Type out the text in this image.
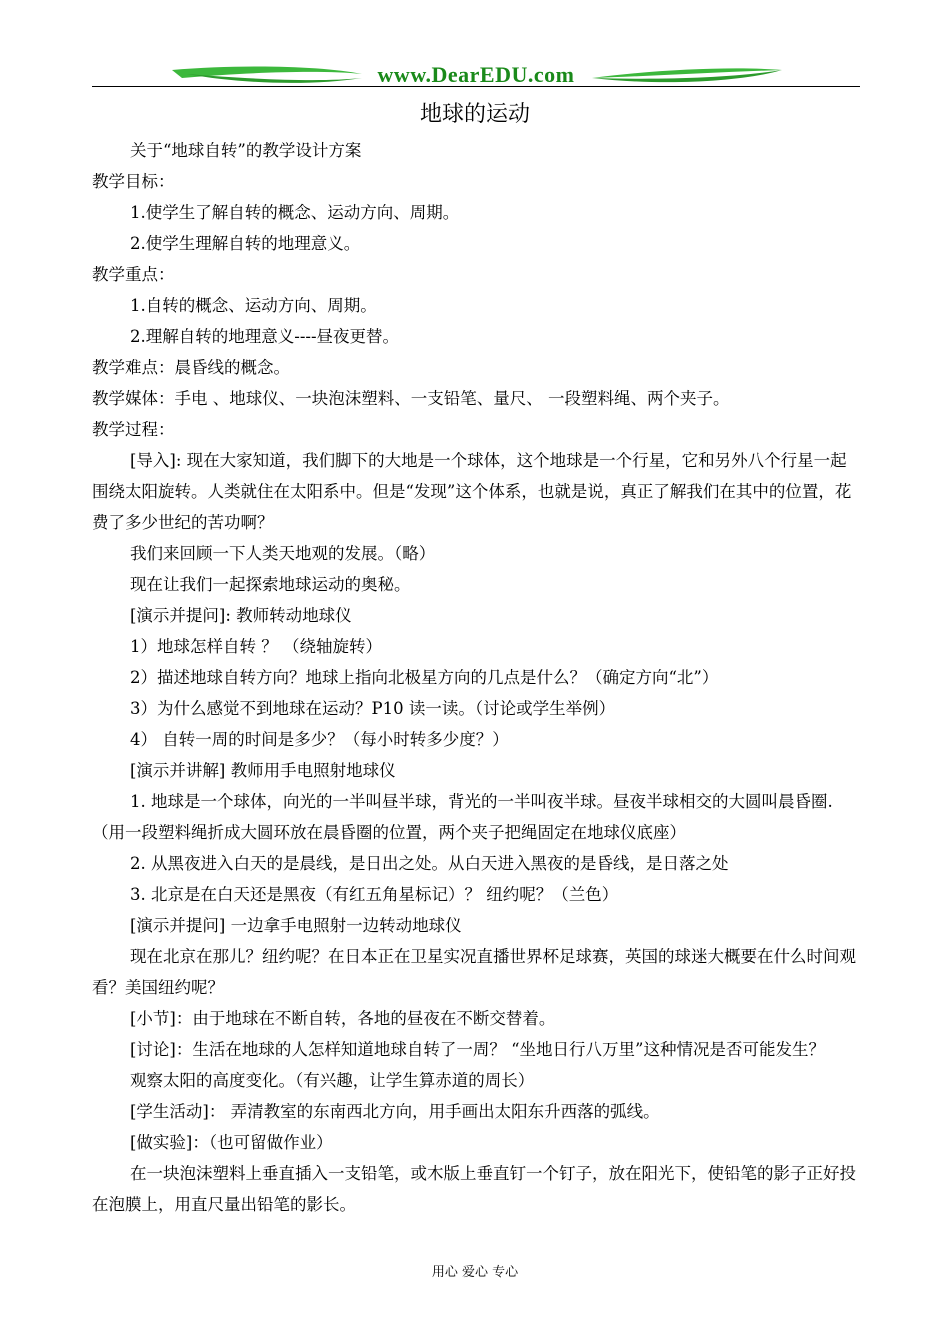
www.DearEDU.com
地球的运动

关于“地球自转”的教学设计方案

教学目标：

1.使学生了解自转的概念、运动方向、周期。

2.使学生理解自转的地理意义。

教学重点：

1.自转的概念、运动方向、周期。

2.理解自转的地理意义----昼夜更替。

教学难点：晨昏线的概念。

教学媒体：手电 、地球仪、一块泡沫塑料、一支铅笔、量尺、 一段塑料绳、两个夹子。

教学过程：

[导入]: 现在大家知道，我们脚下的大地是一个球体，这个地球是一个行星，它和另外八个行星一起围绕太阳旋转。人类就住在太阳系中。但是“发现”这个体系，也就是说，真正了解我们在其中的位置，花费了多少世纪的苦功啊？

我们来回顾一下人类天地观的发展。（略）

现在让我们一起探索地球运动的奥秘。

[演示并提问]: 教师转动地球仪

1）地球怎样自转 ？ （绕轴旋转）

2）描述地球自转方向？地球上指向北极星方向的几点是什么？（确定方向“北”）

3）为什么感觉不到地球在运动？P10 读一读。（讨论或学生举例）

4） 自转一周的时间是多少？（每小时转多少度？）

[演示并讲解] 教师用手电照射地球仪

1. 地球是一个球体，向光的一半叫昼半球，背光的一半叫夜半球。昼夜半球相交的大圆叫晨昏圈.（用一段塑料绳折成大圆环放在晨昏圈的位置，两个夹子把绳固定在地球仪底座）

2. 从黑夜进入白天的是晨线，是日出之处。从白天进入黑夜的是昏线，是日落之处

3. 北京是在白天还是黑夜（有红五角星标记）？ 纽约呢？（兰色）

[演示并提问] 一边拿手电照射一边转动地球仪

现在北京在那儿？纽约呢？在日本正在卫星实况直播世界杯足球赛，英国的球迷大概要在什么时间观看？美国纽约呢？

[小节]：由于地球在不断自转，各地的昼夜在不断交替着。

[讨论]：生活在地球的人怎样知道地球自转了一周？ “坐地日行八万里”这种情况是否可能发生？

观察太阳的高度变化。（有兴趣，让学生算赤道的周长）

[学生活动]： 弄清教室的东南西北方向，用手画出太阳东升西落的弧线。

[做实验]：（也可留做作业）

在一块泡沫塑料上垂直插入一支铅笔，或木版上垂直钉一个钉子，放在阳光下，使铅笔的影子正好投在泡膜上，用直尺量出铅笔的影长。

用心 爱心 专心
